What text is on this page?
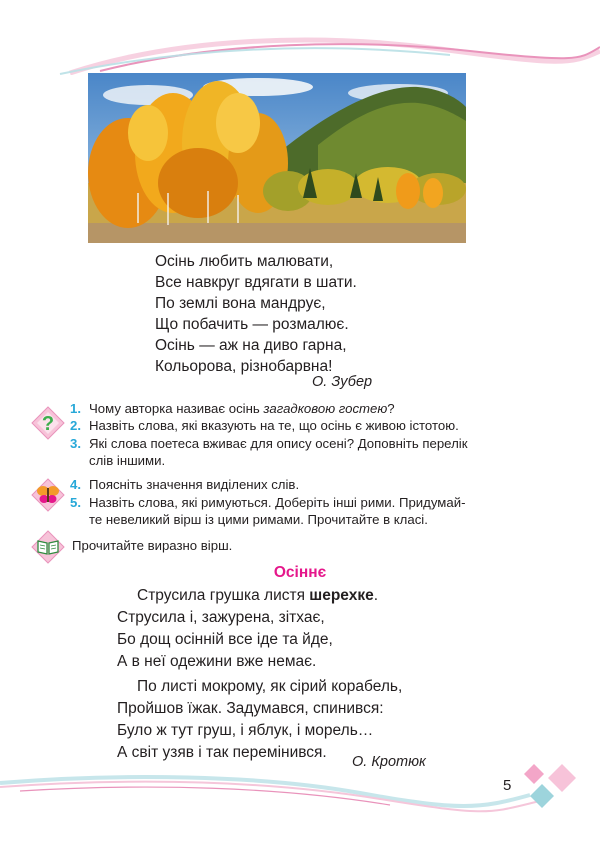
Осінь любить малювати,
Все навкруг вдягати в шати.
По землі вона мандрує,
Що побачить — розмалює.
Осінь — аж на диво гарна,
Кольорова, різнобарвна!
О. Зубер
?
1. Чому авторка називає осінь загадковою гостею?
2. Назвіть слова, які вказують на те, що осінь є живою істотою.
3. Які слова поетеса вживає для опису осені? Доповніть перелік
слів іншими.
4. Поясніть значення виділених слів.
5. Назвіть слова, які римуються. Доберіть інші рими. Придумай-
те невеликий вірш із цими римами. Прочитайте в класі.
Прочитайте виразно вірш.
Осіннє
Струсила грушка листя шерехке.
Струсила і, зажурена, зітхає,
Бо дощ осінній все іде та йде,
А в неї одежини вже немає.
По листі мокрому, як сірий корабель,
Пройшов їжак. Задумався, спинився:
Було ж тут груш, і яблук, і морель…
А світ узяв і так перемінився.
О. Кротюк
5
